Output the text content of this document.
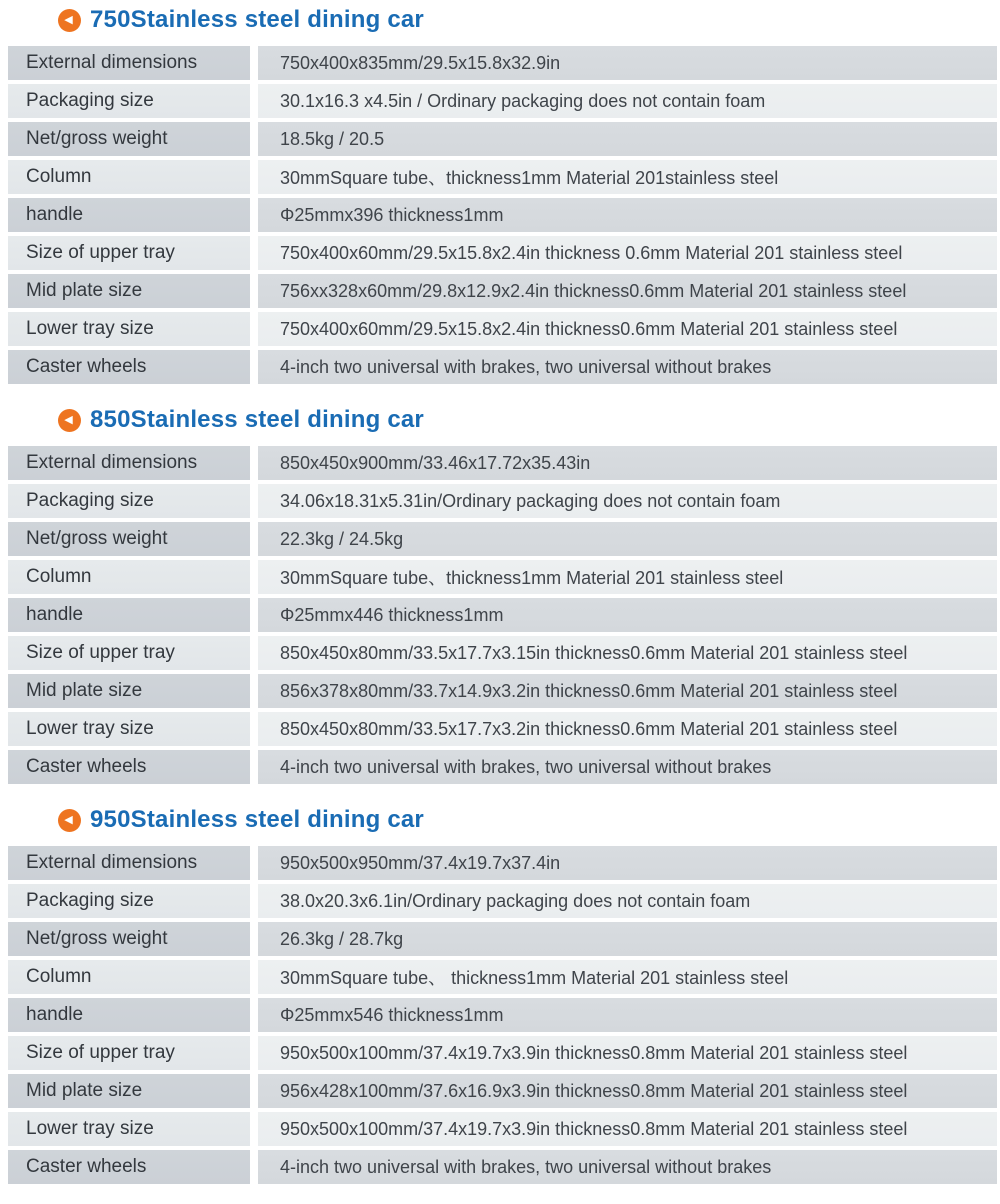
◀ 750Stainless steel dining car
External dimensions	750x400x835mm/29.5x15.8x32.9in
Packaging size	30.1x16.3 x4.5in / Ordinary packaging does not contain foam
Net/gross weight	18.5kg / 20.5
Column	30mmSquare tube、thickness1mm Material 201stainless steel
handle	Φ25mmx396 thickness1mm
Size of upper tray	750x400x60mm/29.5x15.8x2.4in thickness 0.6mm Material 201 stainless steel
Mid plate size	756xx328x60mm/29.8x12.9x2.4in thickness0.6mm Material 201 stainless steel
Lower tray size	750x400x60mm/29.5x15.8x2.4in thickness0.6mm Material 201 stainless steel
Caster wheels	4-inch two universal with brakes, two universal without brakes
◀ 850Stainless steel dining car
External dimensions	850x450x900mm/33.46x17.72x35.43in
Packaging size	34.06x18.31x5.31in/Ordinary packaging does not contain foam
Net/gross weight	22.3kg / 24.5kg
Column	30mmSquare tube、thickness1mm Material 201 stainless steel
handle	Φ25mmx446 thickness1mm
Size of upper tray	850x450x80mm/33.5x17.7x3.15in thickness0.6mm Material 201 stainless steel
Mid plate size	856x378x80mm/33.7x14.9x3.2in thickness0.6mm Material 201 stainless steel
Lower tray size	850x450x80mm/33.5x17.7x3.2in thickness0.6mm Material 201 stainless steel
Caster wheels	4-inch two universal with brakes, two universal without brakes
◀ 950Stainless steel dining car
External dimensions	950x500x950mm/37.4x19.7x37.4in
Packaging size	38.0x20.3x6.1in/Ordinary packaging does not contain foam
Net/gross weight	26.3kg / 28.7kg
Column	30mmSquare tube、 thickness1mm Material 201 stainless steel
handle	Φ25mmx546 thickness1mm
Size of upper tray	950x500x100mm/37.4x19.7x3.9in thickness0.8mm Material 201 stainless steel
Mid plate size	956x428x100mm/37.6x16.9x3.9in thickness0.8mm Material 201 stainless steel
Lower tray size	950x500x100mm/37.4x19.7x3.9in thickness0.8mm Material 201 stainless steel
Caster wheels	4-inch two universal with brakes, two universal without brakes
